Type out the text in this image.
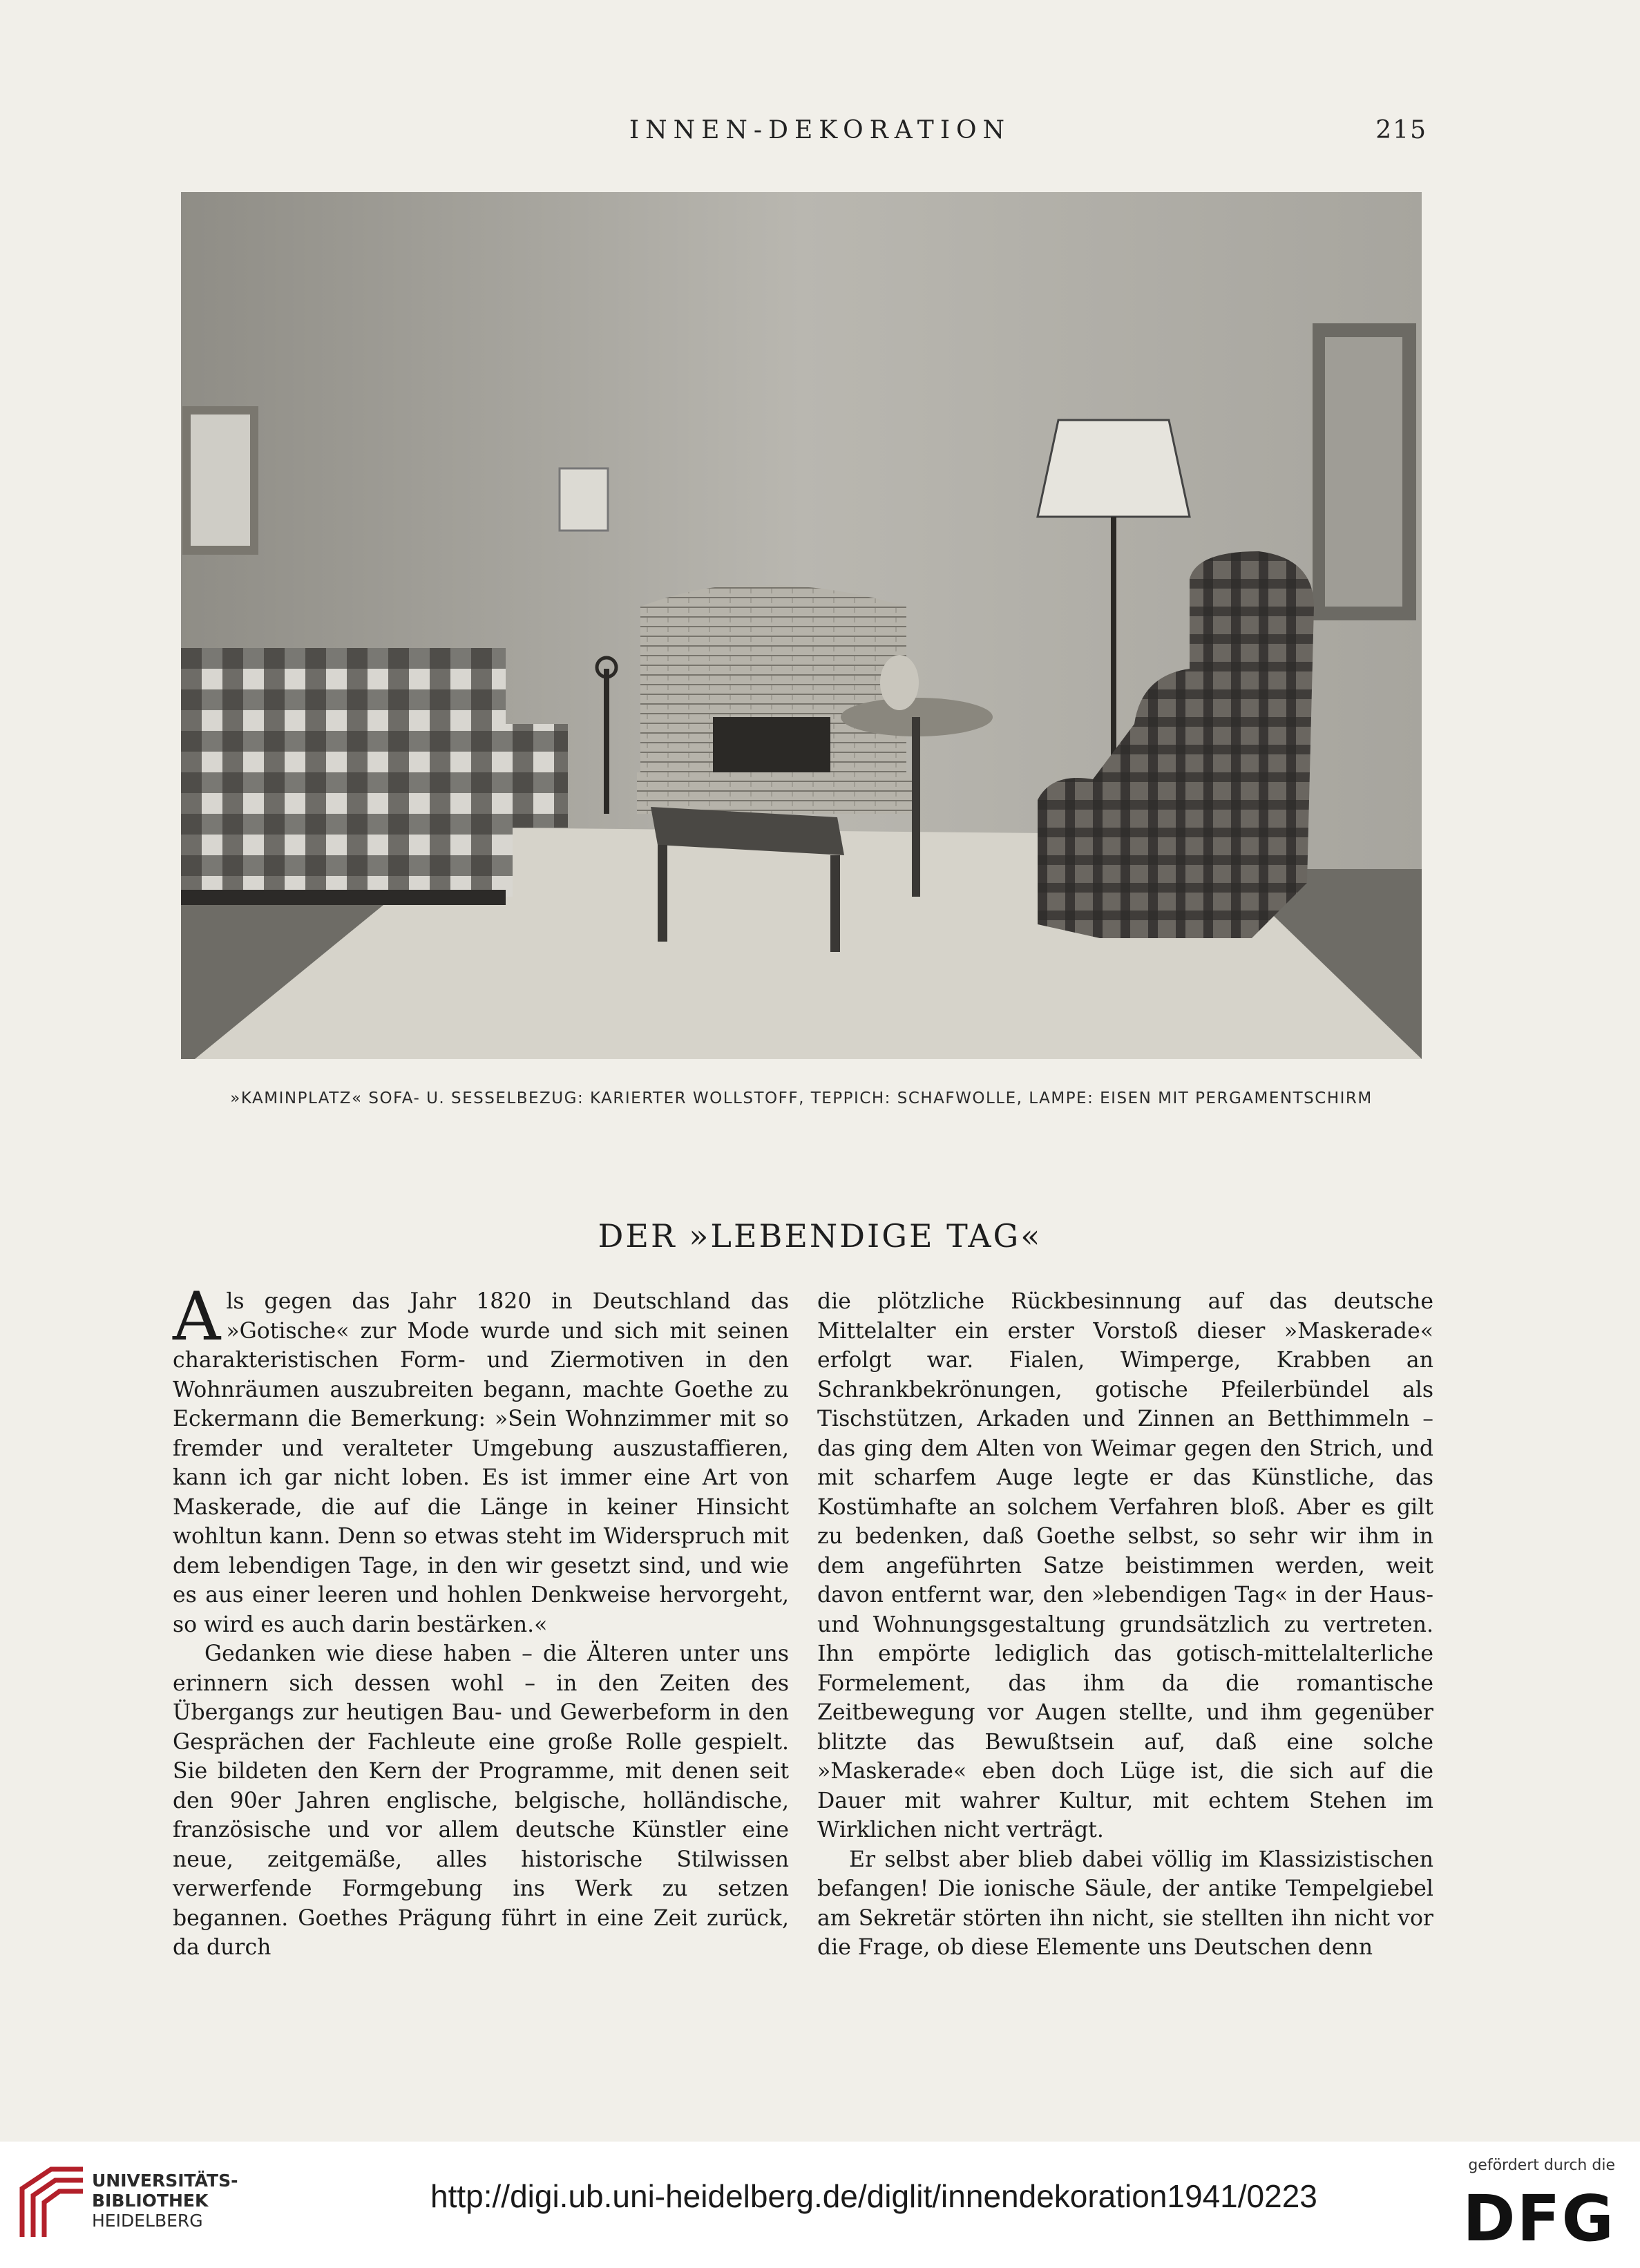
INNEN-DEKORATION	215
»KAMINPLATZ« SOFA- U. SESSELBEZUG: KARIERTER WOLLSTOFF, TEPPICH: SCHAFWOLLE, LAMPE: EISEN MIT PERGAMENTSCHIRM
DER »LEBENDIGE TAG«

Als gegen das Jahr 1820 in Deutschland das »Gotische« zur Mode wurde und sich mit seinen charakteristischen Form- und Ziermotiven in den Wohnräumen auszubreiten begann, machte Goethe zu Eckermann die Bemerkung: »Sein Wohnzimmer mit so fremder und veralteter Umgebung auszustaffieren, kann ich gar nicht loben. Es ist immer eine Art von Maskerade, die auf die Länge in keiner Hinsicht wohltun kann. Denn so etwas steht im Widerspruch mit dem lebendigen Tage, in den wir gesetzt sind, und wie es aus einer leeren und hohlen Denkweise hervorgeht, so wird es auch darin bestärken.«

Gedanken wie diese haben – die Älteren unter uns erinnern sich dessen wohl – in den Zeiten des Übergangs zur heutigen Bau- und Gewerbeform in den Gesprächen der Fachleute eine große Rolle gespielt. Sie bildeten den Kern der Programme, mit denen seit den 90er Jahren englische, belgische, holländische, französische und vor allem deutsche Künstler eine neue, zeitgemäße, alles historische Stilwissen verwerfende Formgebung ins Werk zu setzen begannen. Goethes Prägung führt in eine Zeit zurück, da durch

die plötzliche Rückbesinnung auf das deutsche Mittelalter ein erster Vorstoß dieser »Maskerade« erfolgt war. Fialen, Wimperge, Krabben an Schrankbekrönungen, gotische Pfeilerbündel als Tischstützen, Arkaden und Zinnen an Betthimmeln – das ging dem Alten von Weimar gegen den Strich, und mit scharfem Auge legte er das Künstliche, das Kostümhafte an solchem Verfahren bloß. Aber es gilt zu bedenken, daß Goethe selbst, so sehr wir ihm in dem angeführten Satze beistimmen werden, weit davon entfernt war, den »lebendigen Tag« in der Haus- und Wohnungsgestaltung grundsätzlich zu vertreten. Ihn empörte lediglich das gotisch-mittelalterliche Formelement, das ihm da die romantische Zeitbewegung vor Augen stellte, und ihm gegenüber blitzte das Bewußtsein auf, daß eine solche »Maskerade« eben doch Lüge ist, die sich auf die Dauer mit wahrer Kultur, mit echtem Stehen im Wirklichen nicht verträgt.

Er selbst aber blieb dabei völlig im Klassizistischen befangen! Die ionische Säule, der antike Tempelgiebel am Sekretär störten ihn nicht, sie stellten ihn nicht vor die Frage, ob diese Elemente uns Deutschen denn

UNIVERSITÄTS-
BIBLIOTHEK
HEIDELBERG
http://digi.ub.uni-heidelberg.de/diglit/innendekoration1941/0223
gefördert durch die
DFG
